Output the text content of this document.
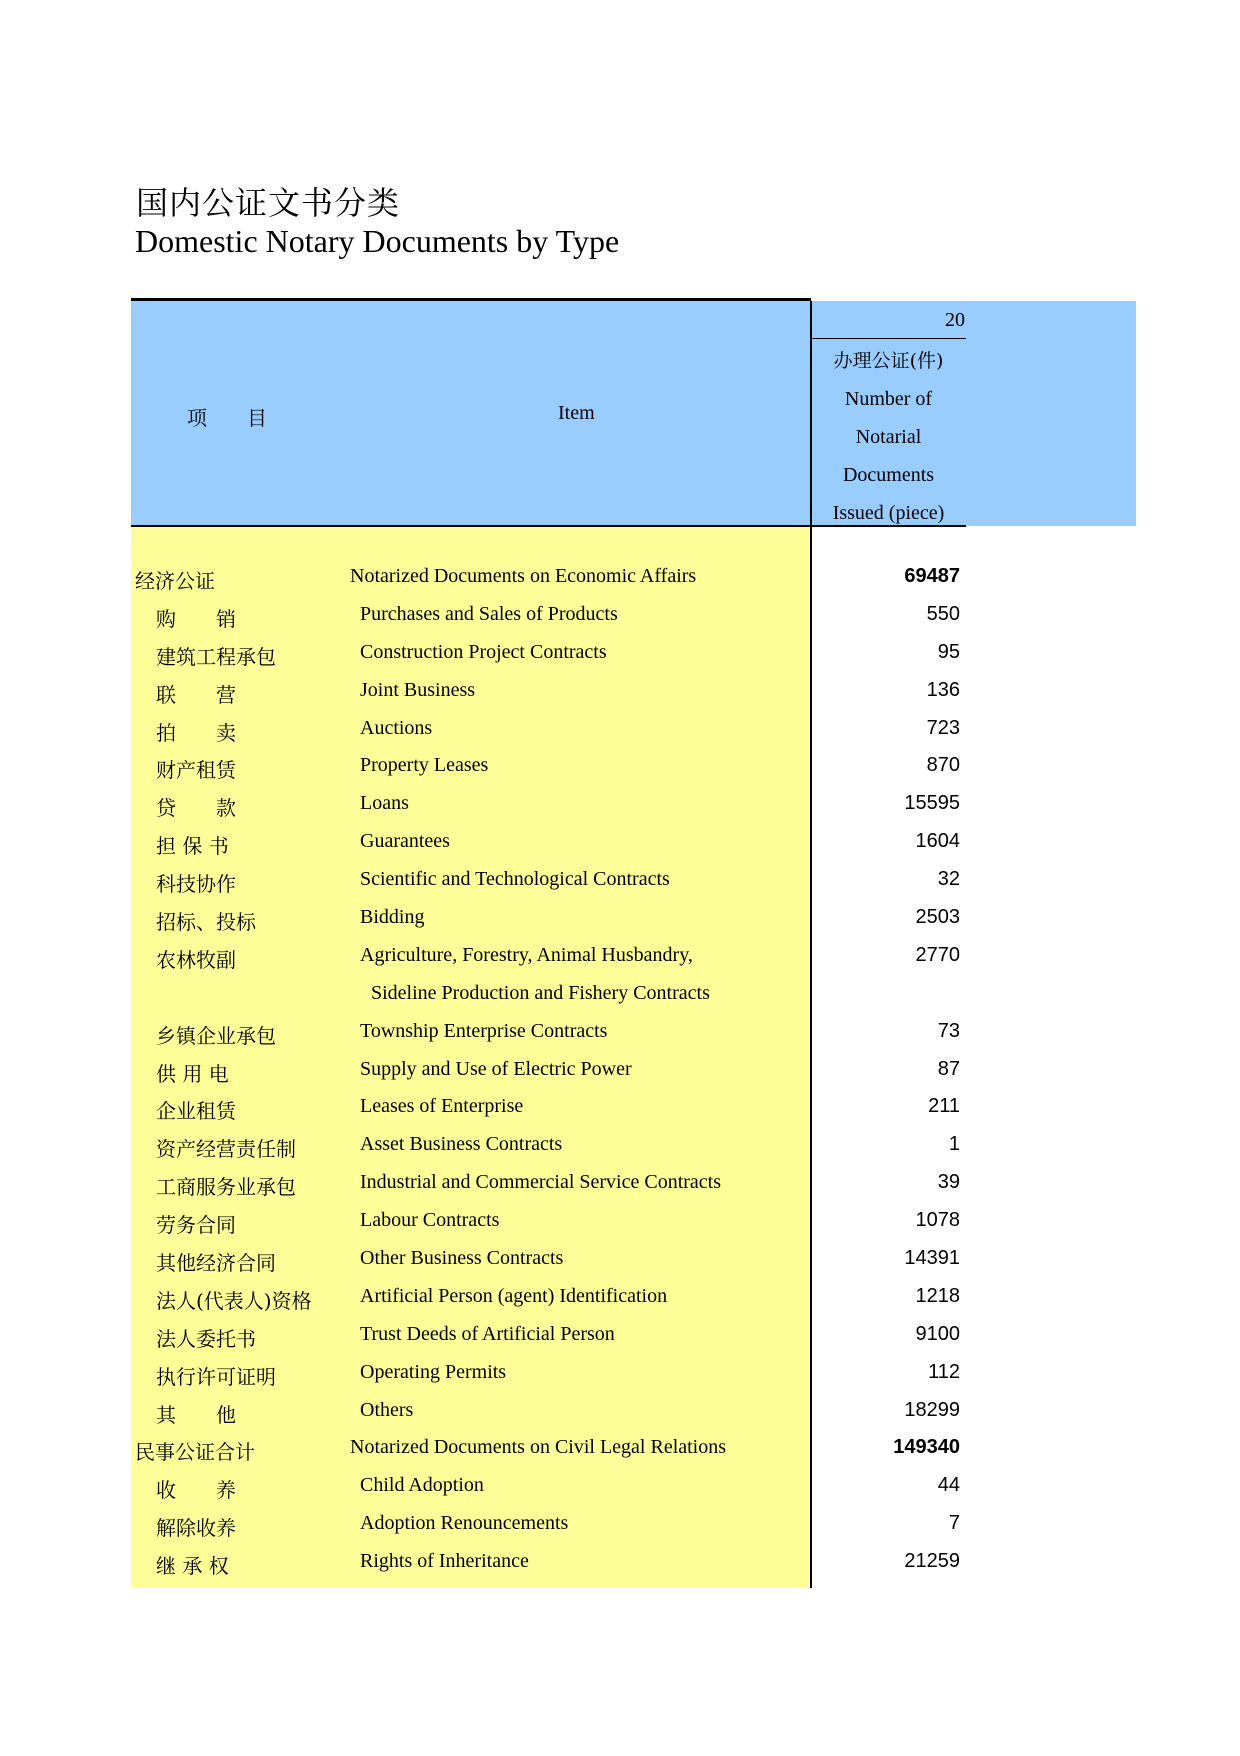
国内公证文书分类
Domestic Notary Documents by Type
项　　目	Item
20
办理公证(件)
Number of
Notarial
Documents
Issued (piece)
经济公证	Notarized Documents on Economic Affairs	69487
购　　销	Purchases and Sales of Products	550
建筑工程承包	Construction Project Contracts	95
联　　营	Joint Business	136
拍　　卖	Auctions	723
财产租赁	Property Leases	870
贷　　款	Loans	15595
担 保 书	Guarantees	1604
科技协作	Scientific and Technological Contracts	32
招标、投标	Bidding	2503
农林牧副	Agriculture, Forestry, Animal Husbandry,	2770
Sideline Production and Fishery Contracts
乡镇企业承包	Township Enterprise Contracts	73
供 用 电	Supply and Use of Electric Power	87
企业租赁	Leases of Enterprise	211
资产经营责任制	Asset Business Contracts	1
工商服务业承包	Industrial and Commercial Service Contracts	39
劳务合同	Labour Contracts	1078
其他经济合同	Other Business Contracts	14391
法人(代表人)资格 Artificial Person (agent) Identification	1218
法人委托书	Trust Deeds of Artificial Person	9100
执行许可证明	Operating Permits	112
其　　他	Others	18299
民事公证合计	Notarized Documents on Civil Legal Relations	149340
收　　养	Child Adoption	44
解除收养	Adoption Renouncements	7
继 承 权	Rights of Inheritance	21259
